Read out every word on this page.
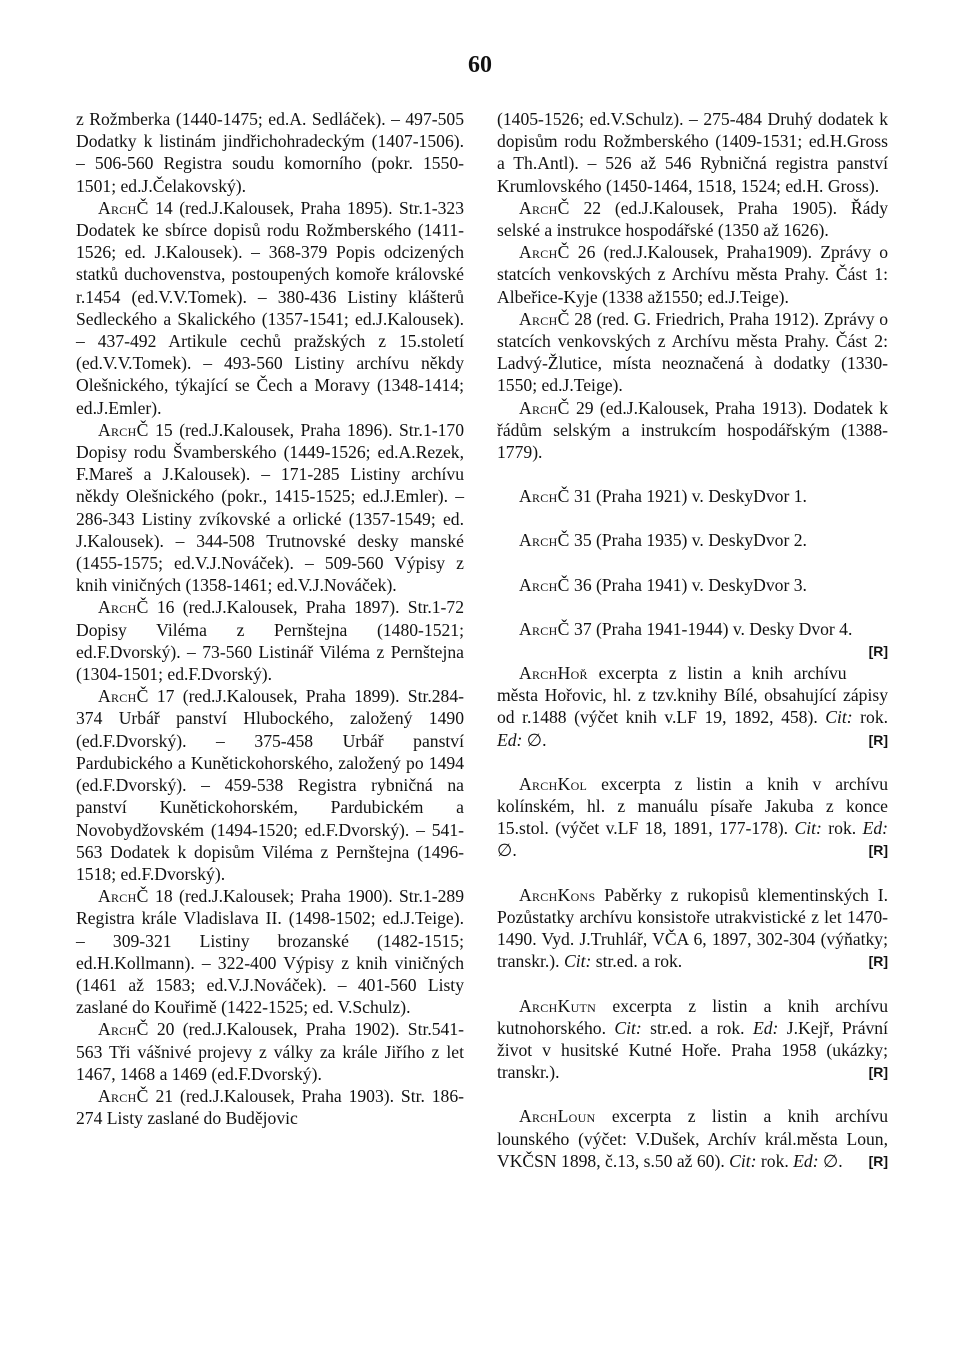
60

z Rožmberka (1440-1475; ed.A. Sedláček). – 497-505 Dodatky k listinám jindřichohradeckým (1407-1506). – 506-560 Registra soudu komorního (pokr. 1550-1501; ed.J.Čelakovský).

ArchČ 14 (red.J.Kalousek, Praha 1895). Str.1-323 Dodatek ke sbírce dopisů rodu Rožmberského (1411-1526; ed. J.Kalousek). – 368-379 Popis odcizených statků duchovenstva, postoupených komoře královské r.1454 (ed.V.V.Tomek). – 380-436 Listiny klášterů Sedleckého a Skalického (1357-1541; ed.J.Kalousek). – 437-492 Artikule cechů pražských z 15.století (ed.V.V.Tomek). – 493-560 Listiny archívu někdy Olešnického, týkající se Čech a Moravy (1348-1414; ed.J.Emler).

ArchČ 15 (red.J.Kalousek, Praha 1896). Str.1-170 Dopisy rodu Švamberského (1449-1526; ed.A.Rezek, F.Mareš a J.Kalousek). – 171-285 Listiny archívu někdy Olešnického (pokr., 1415-1525; ed.J.Emler). – 286-343 Listiny zvíkovské a orlické (1357-1549; ed. J.Kalousek). – 344-508 Trutnovské desky manské (1455-1575; ed.V.J.Nováček). – 509-560 Výpisy z knih viničných (1358-1461; ed.V.J.Nováček).

ArchČ 16 (red.J.Kalousek, Praha 1897). Str.1-72 Dopisy Viléma z Pernštejna (1480-1521; ed.F.Dvorský). – 73-560 Listinář Viléma z Pernštejna (1304-1501; ed.F.Dvorský).

ArchČ 17 (red.J.Kalousek, Praha 1899). Str.284-374 Urbář panství Hlubockého, založený 1490 (ed.F.Dvorský). – 375-458 Urbář panství Pardubického a Kunětickohorského, založený po 1494 (ed.F.Dvorský). – 459-538 Registra rybničná na panství Kunětickohorském, Pardubickém a Novobydžovském (1494-1520; ed.F.Dvorský). – 541-563 Dodatek k dopisům Viléma z Pernštejna (1496-1518; ed.F.Dvorský).

ArchČ 18 (red.J.Kalousek; Praha 1900). Str.1-289 Registra krále Vladislava II. (1498-1502; ed.J.Teige). – 309-321 Listiny brozanské (1482-1515; ed.H.Kollmann). – 322-400 Výpisy z knih viničných (1461 až 1583; ed.V.J.Nováček). – 401-560 Listy zaslané do Kouřimě (1422-1525; ed. V.Schulz).

ArchČ 20 (red.J.Kalousek, Praha 1902). Str.541-563 Tři vášnivé projevy z války za krále Jiřího z let 1467, 1468 a 1469 (ed.F.Dvorský).

ArchČ 21 (red.J.Kalousek, Praha 1903). Str. 186-274 Listy zaslané do Budějovic

(1405-1526; ed.V.Schulz). – 275-484 Druhý dodatek k dopisům rodu Rožmberského (1409-1531; ed.H.Gross a Th.Antl). – 526 až 546 Rybničná registra panství Krumlovského (1450-1464, 1518, 1524; ed.H. Gross).

ArchČ 22 (ed.J.Kalousek, Praha 1905). Řády selské a instrukce hospodářské (1350 až 1626).

ArchČ 26 (red.J.Kalousek, Praha1909). Zprávy o statcích venkovských z Archívu města Prahy. Část 1: Albeřice-Kyje (1338 až1550; ed.J.Teige).

ArchČ 28 (red. G. Friedrich, Praha 1912). Zprávy o statcích venkovských z Archívu města Prahy. Část 2: Ladvý-Žlutice, místa neoznačená à dodatky (1330-1550; ed.J.Teige).

ArchČ 29 (ed.J.Kalousek, Praha 1913). Dodatek k řádům selským a instrukcím hospodářským (1388-1779).

ArchČ 31 (Praha 1921) v. DeskyDvor 1.

ArchČ 35 (Praha 1935) v. DeskyDvor 2.

ArchČ 36 (Praha 1941) v. DeskyDvor 3.

ArchČ 37 (Praha 1941-1944) v. Desky Dvor 4.
[R]

ArchHoř excerpta z listin a knih archívu města Hořovic, hl. z tzv.knihy Bílé, obsahující zápisy od r.1488 (výčet knih v.LF 19, 1892, 458). Cit: rok. Ed: ∅.	[R]

ArchKol excerpta z listin a knih v archívu kolínském, hl. z manuálu písaře Jakuba z konce 15.stol. (výčet v.LF 18, 1891, 177-178). Cit: rok. Ed: ∅.	[R]

ArchKons Paběrky z rukopisů klementinských I. Pozůstatky archívu konsistoře utrakvistické z let 1470-1490. Vyd. J.Truhlář, VČA 6, 1897, 302-304 (výňatky; transkr.). Cit: str.ed. a rok.	[R]

ArchKutn excerpta z listin a knih archívu kutnohorského. Cit: str.ed. a rok. Ed: J.Kejř, Právní život v husitské Kutné Hoře. Praha 1958 (ukázky; transkr.).	[R]

ArchLoun excerpta z listin a knih archívu lounského (výčet: V.Dušek, Archív král.města Loun, VKČSN 1898, č.13, s.50 až 60). Cit: rok. Ed: ∅.	[R]
